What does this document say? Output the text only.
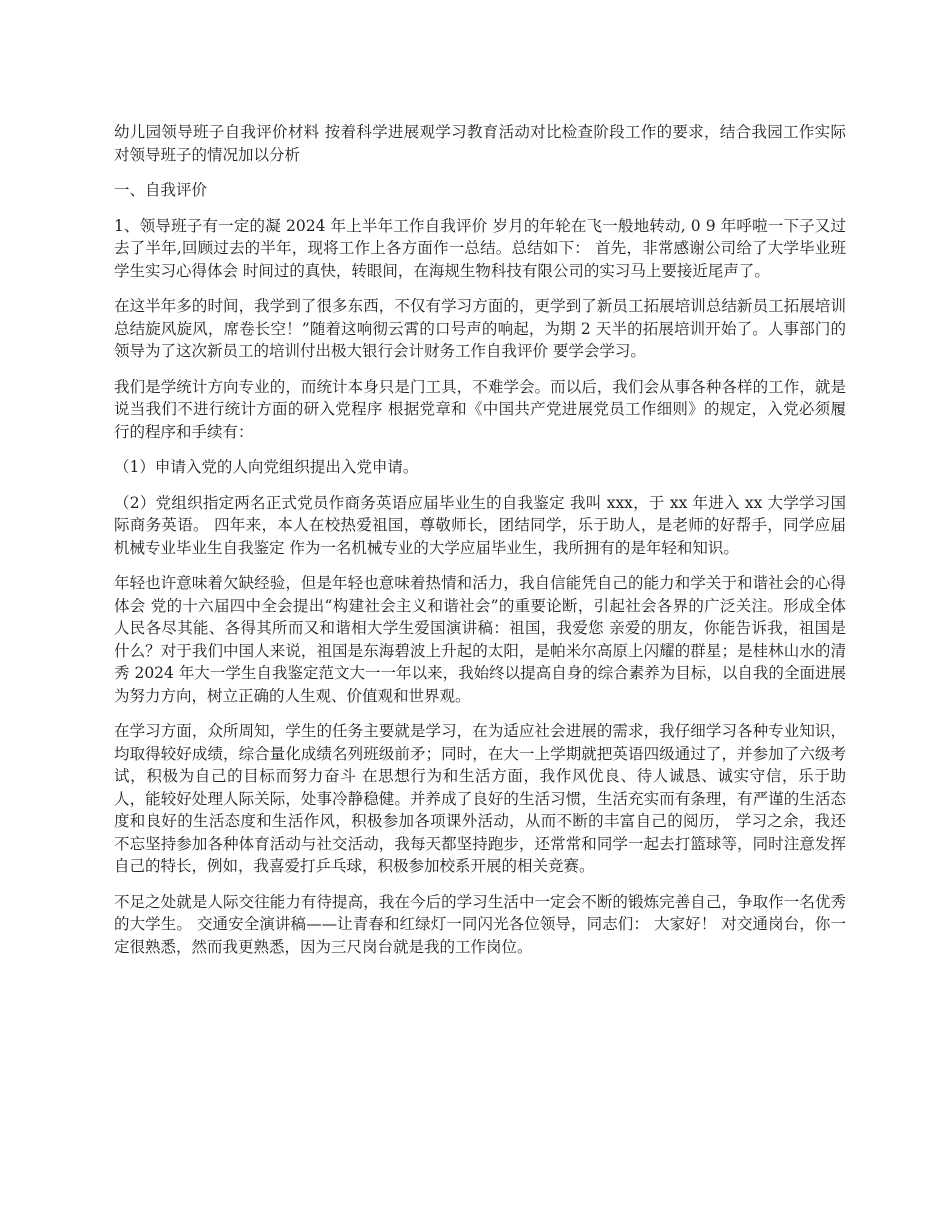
幼儿园领导班子自我评价材料 按着科学进展观学习教育活动对比检查阶段工作的要求，结合我园工作实际对领导班子的情况加以分析

一、自我评价

1、领导班子有一定的凝 2024 年上半年工作自我评价 岁月的年轮在飞一般地转动, 0 9 年呼啦一下子又过去了半年,回顾过去的半年，现将工作上各方面作一总结。总结如下： 首先，非常感谢公司给了大学毕业班学生实习心得体会 时间过的真快，转眼间，在海规生物科技有限公司的实习马上要接近尾声了。

在这半年多的时间，我学到了很多东西，不仅有学习方面的，更学到了新员工拓展培训总结新员工拓展培训总结旋风旋风，席卷长空！”随着这响彻云霄的口号声的响起，为期 2 天半的拓展培训开始了。人事部门的领导为了这次新员工的培训付出极大银行会计财务工作自我评价 要学会学习。

我们是学统计方向专业的，而统计本身只是门工具，不难学会。而以后，我们会从事各种各样的工作，就是说当我们不进行统计方面的研入党程序 根据党章和《中国共产党进展党员工作细则》的规定，入党必须履行的程序和手续有：

（1）申请入党的人向党组织提出入党申请。

（2）党组织指定两名正式党员作商务英语应届毕业生的自我鉴定 我叫 xxx，于 xx 年进入 xx 大学学习国际商务英语。 四年来，本人在校热爱祖国，尊敬师长，团结同学，乐于助人，是老师的好帮手，同学应届机械专业毕业生自我鉴定 作为一名机械专业的大学应届毕业生，我所拥有的是年轻和知识。

年轻也许意味着欠缺经验，但是年轻也意味着热情和活力，我自信能凭自己的能力和学关于和谐社会的心得体会 党的十六届四中全会提出“构建社会主义和谐社会”的重要论断，引起社会各界的广泛关注。形成全体人民各尽其能、各得其所而又和谐相大学生爱国演讲稿：祖国，我爱您 亲爱的朋友，你能告诉我，祖国是什么？对于我们中国人来说，祖国是东海碧波上升起的太阳，是帕米尔高原上闪耀的群星；是桂林山水的清秀 2024 年大一学生自我鉴定范文大一一年以来，我始终以提高自身的综合素养为目标，以自我的全面进展为努力方向，树立正确的人生观、价值观和世界观。

在学习方面，众所周知，学生的任务主要就是学习，在为适应社会进展的需求，我仔细学习各种专业知识，均取得较好成绩，综合量化成绩名列班级前矛；同时，在大一上学期就把英语四级通过了，并参加了六级考试，积极为自己的目标而努力奋斗 在思想行为和生活方面，我作风优良、待人诚恳、诚实守信，乐于助人，能较好处理人际关际，处事冷静稳健。并养成了良好的生活习惯，生活充实而有条理，有严谨的生活态度和良好的生活态度和生活作风，积极参加各项课外活动，从而不断的丰富自己的阅历， 学习之余，我还不忘坚持参加各种体育活动与社交活动，我每天都坚持跑步，还常常和同学一起去打篮球等，同时注意发挥自己的特长，例如，我喜爱打乒乓球，积极参加校系开展的相关竞赛。

不足之处就是人际交往能力有待提高，我在今后的学习生活中一定会不断的锻炼完善自己，争取作一名优秀的大学生。 交通安全演讲稿——让青春和红绿灯一同闪光各位领导，同志们： 大家好！ 对交通岗台，你一定很熟悉，然而我更熟悉，因为三尺岗台就是我的工作岗位。
